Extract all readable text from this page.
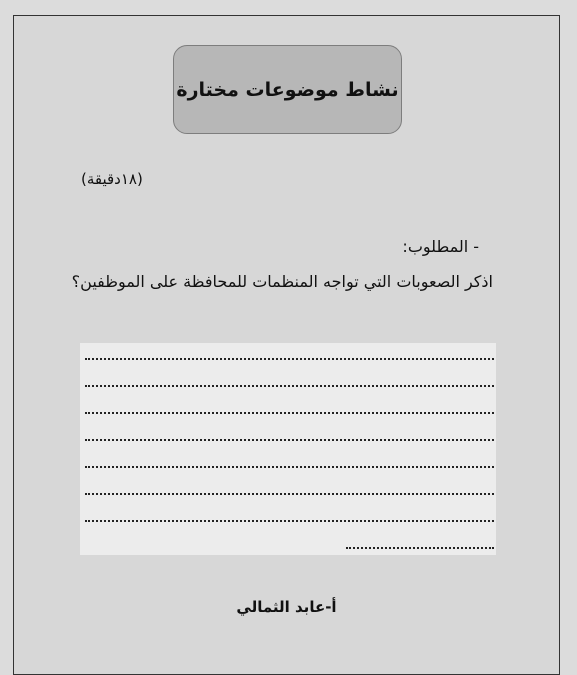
نشاط موضوعات مختارة
(١٨دقيقة)
- المطلوب:
اذكر الصعوبات التي تواجه المنظمات للمحافظة على الموظفين؟
أ-عابد الثمالي
